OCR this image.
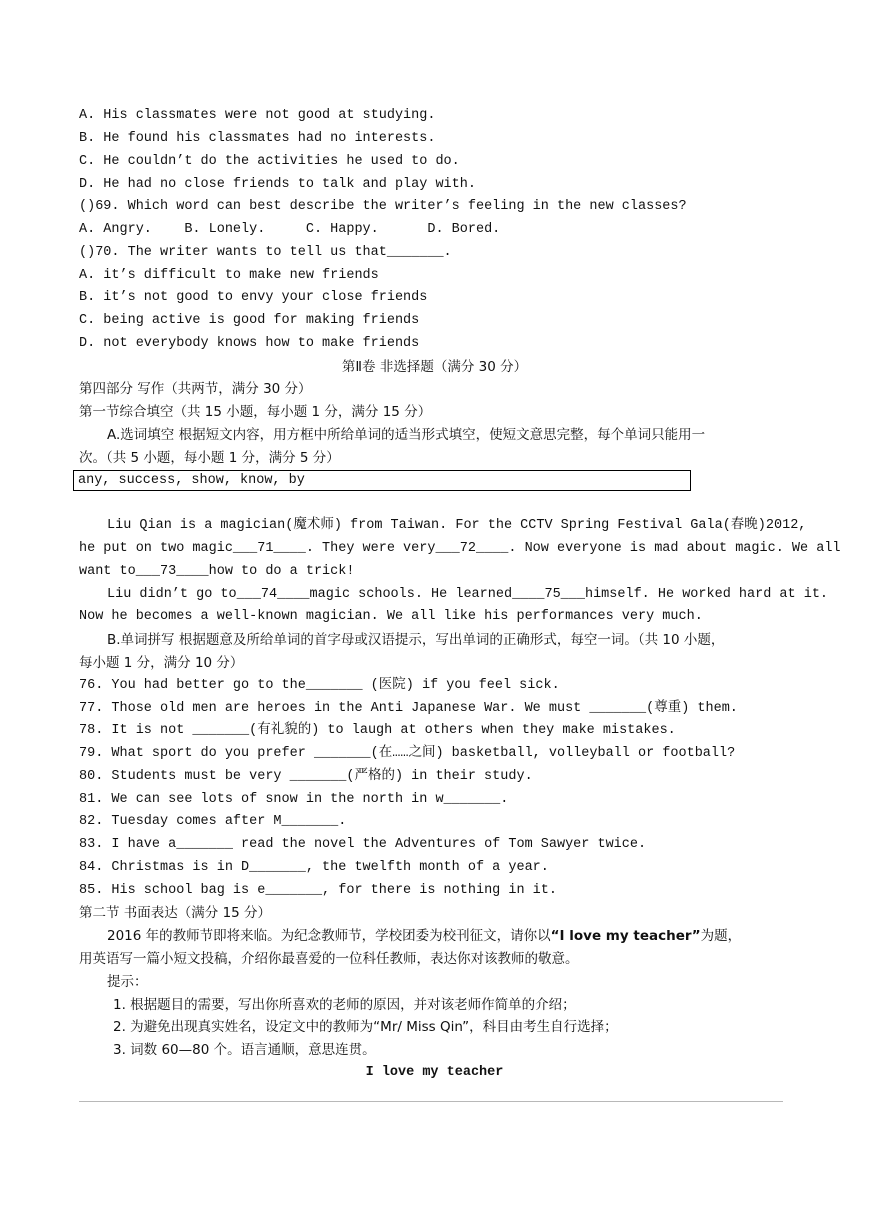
A. His classmates were not good at studying.
B. He found his classmates had no interests.
C. He couldn’t do the activities he used to do.
D. He had no close friends to talk and play with.
()69. Which word can best describe the writer’s feeling in the new classes?
A. Angry.    B. Lonely.     C. Happy.      D. Bored.
()70. The writer wants to tell us that_______.
A. it’s difficult to make new friends
B. it’s not good to envy your close friends
C. being active is good for making friends
D. not everybody knows how to make friends
第Ⅱ卷 非选择题（满分 30 分）
第四部分 写作（共两节，满分 30 分）
第一节综合填空（共 15 小题，每小题 1 分，满分 15 分）
A.选词填空 根据短文内容，用方框中所给单词的适当形式填空，使短文意思完整，每个单词只能用一
次。（共 5 小题，每小题 1 分，满分 5 分）
any, success, show, know, by
Liu Qian is a magician(魔术师) from Taiwan. For the CCTV Spring Festival Gala(春晚)2012,
he put on two magic___71____. They were very___72____. Now everyone is mad about magic. We all
want to___73____how to do a trick!
Liu didn’t go to___74____magic schools. He learned____75___himself. He worked hard at it.
Now he becomes a well-known magician. We all like his performances very much.
B.单词拼写 根据题意及所给单词的首字母或汉语提示，写出单词的正确形式，每空一词。（共 10 小题，
每小题 1 分，满分 10 分）
76. You had better go to the_______ (医院) if you feel sick.
77. Those old men are heroes in the Anti Japanese War. We must _______(尊重) them.
78. It is not _______(有礼貌的) to laugh at others when they make mistakes.
79. What sport do you prefer _______(在……之间) basketball, volleyball or football?
80. Students must be very _______(严格的) in their study.
81. We can see lots of snow in the north in w_______.
82. Tuesday comes after M_______.
83. I have a_______ read the novel the Adventures of Tom Sawyer twice.
84. Christmas is in D_______, the twelfth month of a year.
85. His school bag is e_______, for there is nothing in it.
第二节 书面表达（满分 15 分）
2016 年的教师节即将来临。为纪念教师节，学校团委为校刊征文，请你以“I love my teacher”为题，
用英语写一篇小短文投稿，介绍你最喜爱的一位科任教师，表达你对该教师的敬意。
提示：
1. 根据题目的需要，写出你所喜欢的老师的原因，并对该老师作简单的介绍；
2. 为避免出现真实姓名，设定文中的教师为“Mr/ Miss Qin”，科目由考生自行选择；
3. 词数 60—80 个。语言通顺，意思连贯。
I love my teacher
